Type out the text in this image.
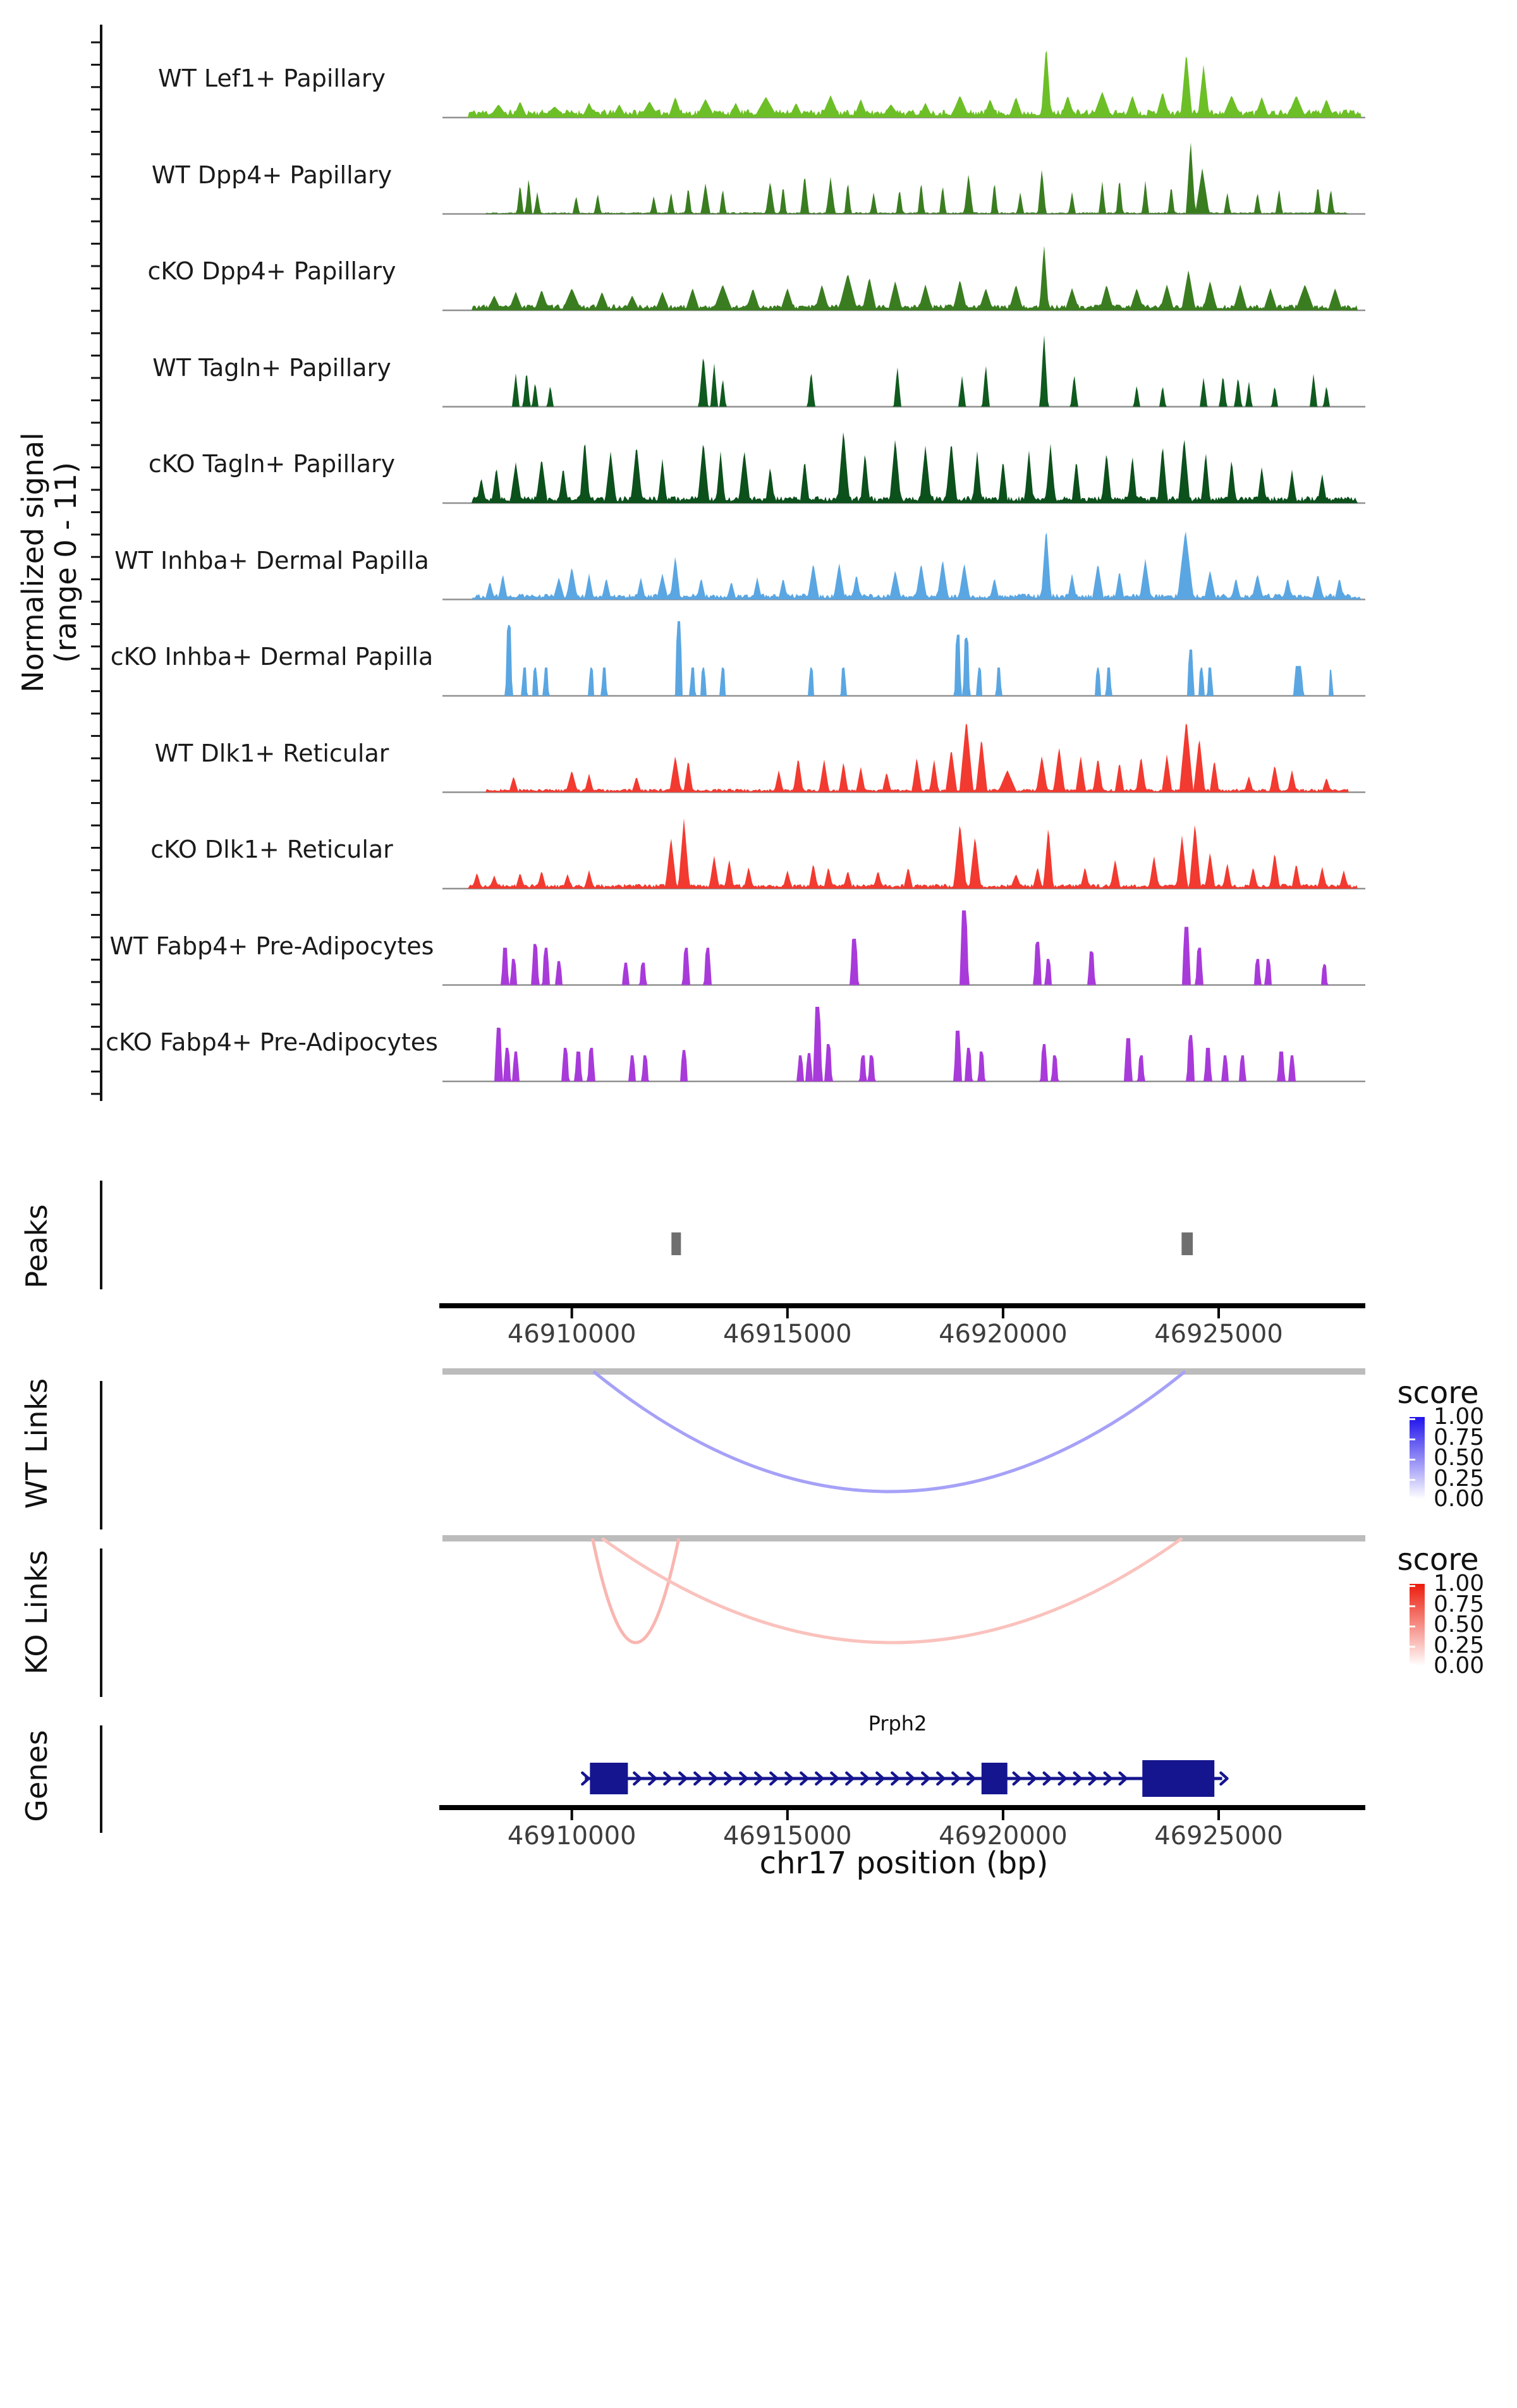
46910000	46915000	46920000	46925000
46910000	46915000	46920000	46925000
Normalized signal
(range 0 - 11)
Peaks
WT Links
KO Links
Genes
WT Lef1+ Papillary
WT Dpp4+ Papillary
cKO Dpp4+ Papillary
WT Tagln+ Papillary
cKO Tagln+ Papillary
WT Inhba+ Dermal Papilla
cKO Inhba+ Dermal Papilla
WT Dlk1+ Reticular
cKO Dlk1+ Reticular
WT Fabp4+ Pre-Adipocytes
cKO Fabp4+ Pre-Adipocytes
score
1.00
0.75
0.50
0.25
0.00
score
1.00
0.75
0.50
0.25
0.00
Prph2
chr17 position (bp)
